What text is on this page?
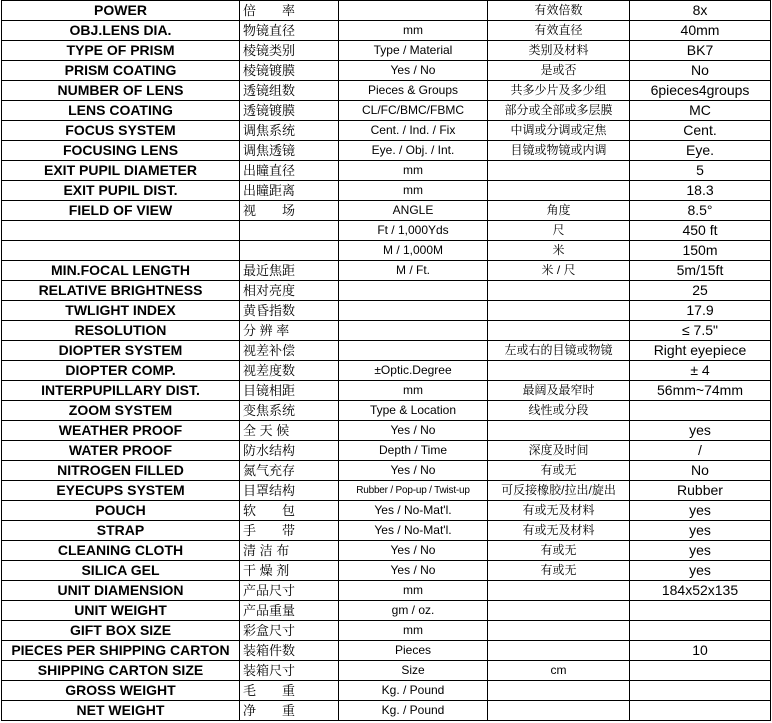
POWER	倍　　率		有效倍数	8x
OBJ.LENS DIA.	物镜直径	mm	有效直径	40mm
TYPE OF PRISM	棱镜类别	Type / Material	类别及材料	BK7
PRISM COATING	棱镜镀膜	Yes / No	是或否	No
NUMBER OF LENS	透镜组数	Pieces & Groups	共多少片及多少组	6pieces4groups
LENS COATING	透镜镀膜	CL/FC/BMC/FBMC	部分或全部或多层膜	MC
FOCUS SYSTEM	调焦系统	Cent. / Ind. / Fix	中调或分调或定焦	Cent.
FOCUSING LENS	调焦透镜	Eye. / Obj. / Int.	目镜或物镜或内调	Eye.
EXIT PUPIL DIAMETER	出瞳直径	mm		5
EXIT PUPIL DIST.	出瞳距离	mm		18.3
FIELD OF VIEW	视　　场	ANGLE	角度	8.5°
		Ft / 1,000Yds	尺	450 ft
		M / 1,000M	米	150m
MIN.FOCAL LENGTH	最近焦距	M / Ft.	米 / 尺	5m/15ft
RELATIVE BRIGHTNESS	相对亮度			25
TWLIGHT INDEX	黄昏指数			17.9
RESOLUTION	分 辨 率			≤ 7.5"
DIOPTER SYSTEM	视差补偿		左或右的目镜或物镜	Right eyepiece
DIOPTER COMP.	视差度数	±Optic.Degree		± 4
INTERPUPILLARY DIST.	目镜相距	mm	最阔及最窄时	56mm~74mm
ZOOM SYSTEM	变焦系统	Type & Location	线性或分段	
WEATHER PROOF	全 天 候	Yes / No		yes
WATER PROOF	防水结构	Depth / Time	深度及时间	/
NITROGEN FILLED	氮气充存	Yes / No	有或无	No
EYECUPS SYSTEM	目罩结构	Rubber / Pop-up / Twist-up	可反接橡胶/拉出/旋出	Rubber
POUCH	软　　包	Yes / No-Mat'l.	有或无及材料	yes
STRAP	手　　带	Yes / No-Mat'l.	有或无及材料	yes
CLEANING CLOTH	清 洁 布	Yes / No	有或无	yes
SILICA GEL	干 燥 剂	Yes / No	有或无	yes
UNIT DIAMENSION	产品尺寸	mm		184x52x135
UNIT WEIGHT	产品重量	gm / oz.		
GIFT BOX SIZE	彩盒尺寸	mm		
PIECES PER SHIPPING CARTON	装箱件数	Pieces		10
SHIPPING CARTON SIZE	装箱尺寸	Size	cm	
GROSS WEIGHT	毛　　重	Kg. / Pound		
NET WEIGHT	净　　重	Kg. / Pound		
